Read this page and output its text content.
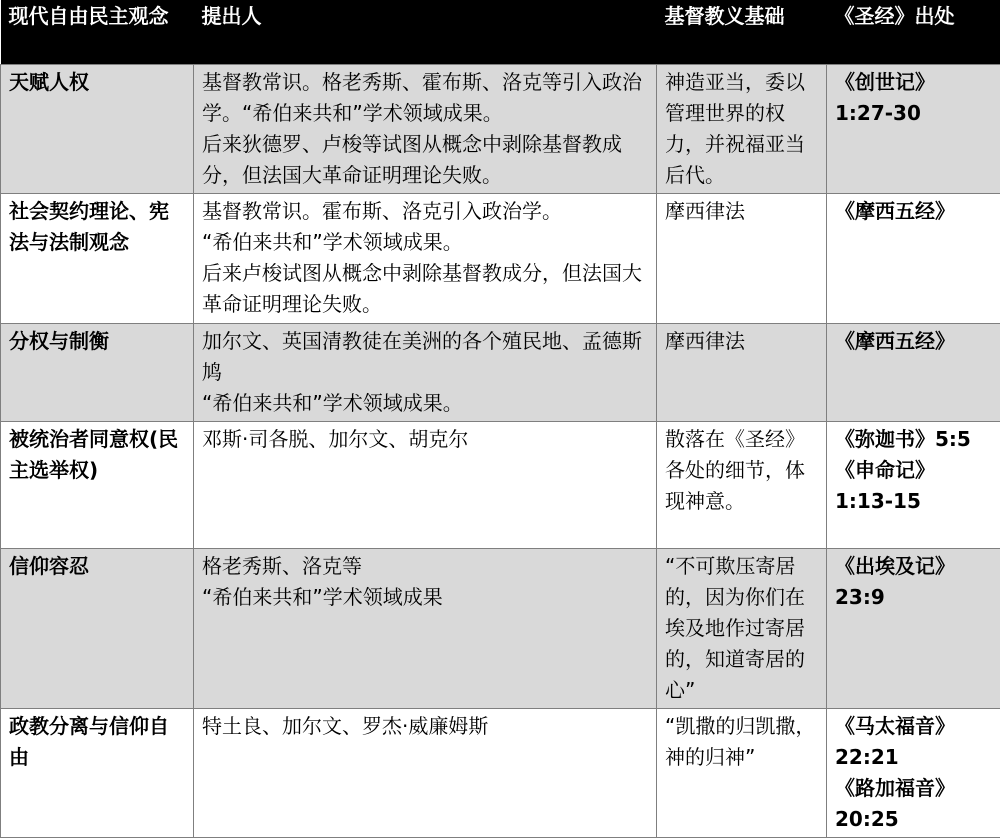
现代自由民主观念	提出人	基督教义基础	《圣经》出处
天赋人权	基督教常识。格老秀斯、霍布斯、洛克等引入政治学。“希伯来共和”学术领域成果。
后来狄德罗、卢梭等试图从概念中剥除基督教成分，但法国大革命证明理论失败。	神造亚当，委以管理世界的权力，并祝福亚当后代。	《创世记》
1:27-30

社会契约理论、宪法与法制观念	基督教常识。霍布斯、洛克引入政治学。
“希伯来共和”学术领域成果。
后来卢梭试图从概念中剥除基督教成分，但法国大革命证明理论失败。	摩西律法	《摩西五经》

分权与制衡	加尔文、英国清教徒在美洲的各个殖民地、孟德斯鸠
“希伯来共和”学术领域成果。	摩西律法	《摩西五经》

被统治者同意权(民主选举权)	邓斯·司各脱、加尔文、胡克尔	散落在《圣经》各处的细节，体现神意。	《弥迦书》5:5
《申命记》
1:13-15

信仰容忍	格老秀斯、洛克等
“希伯来共和”学术领域成果	“不可欺压寄居的，因为你们在埃及地作过寄居的，知道寄居的心”	《出埃及记》
23:9

政教分离与信仰自由	特土良、加尔文、罗杰·威廉姆斯	“凯撒的归凯撒，神的归神”	《马太福音》
22:21
《路加福音》
20:25
